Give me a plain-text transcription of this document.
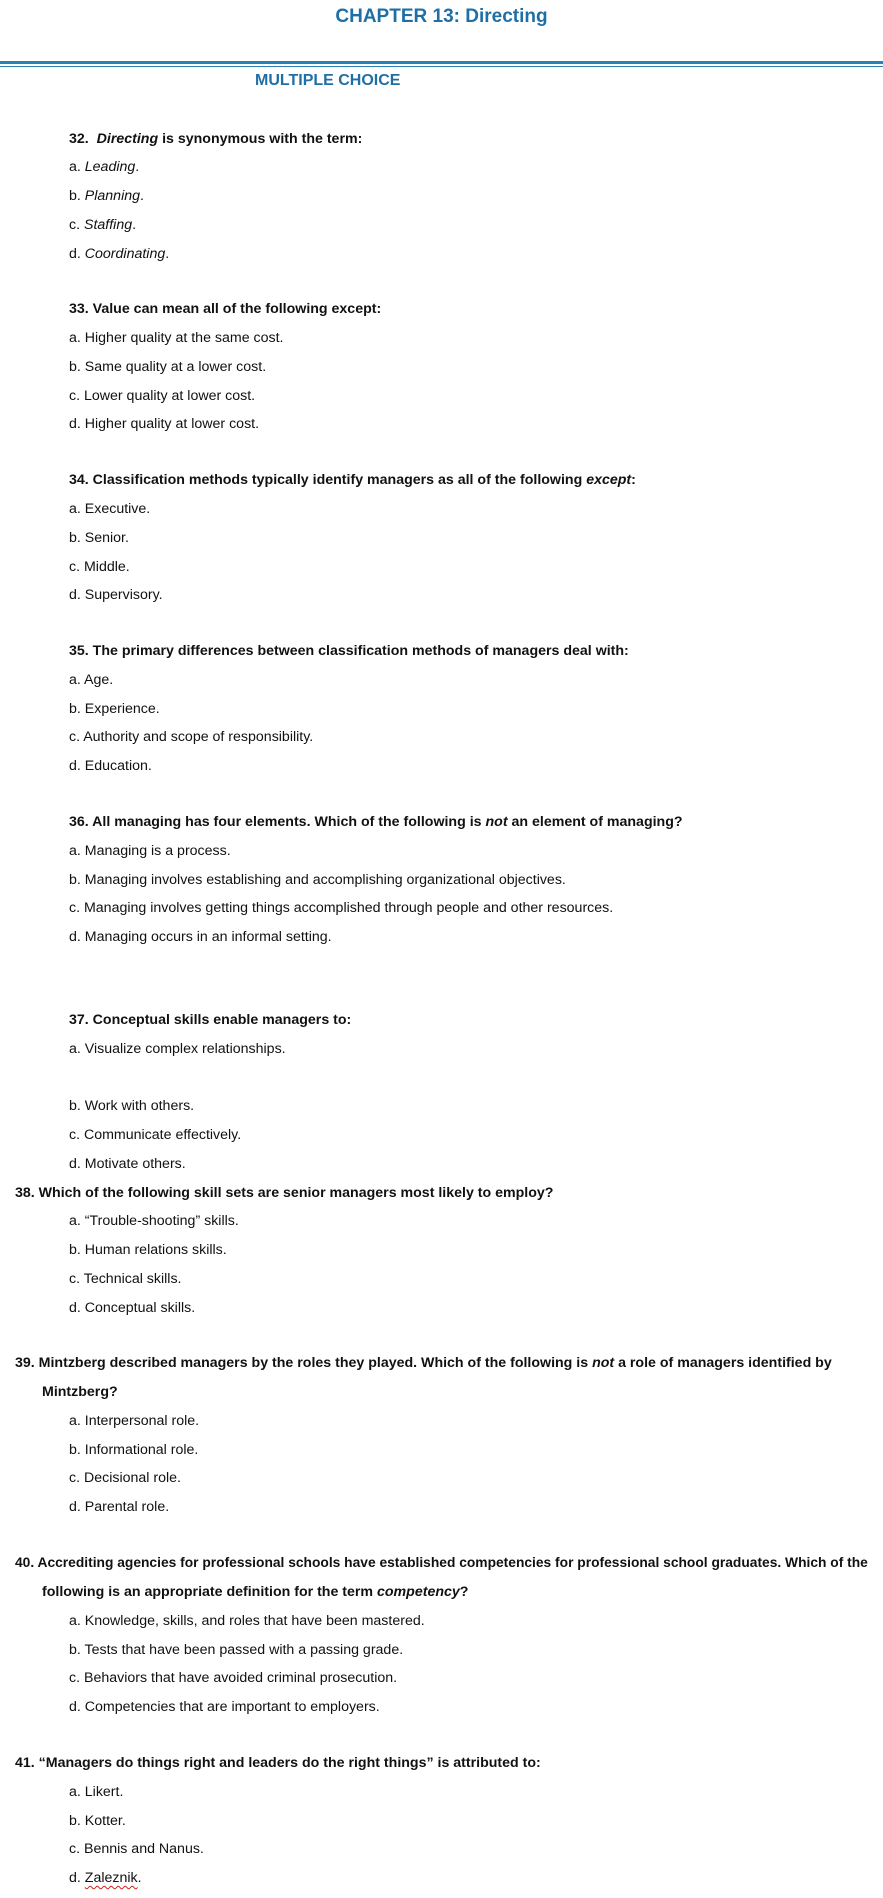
CHAPTER 13: Directing
MULTIPLE CHOICE
32. Directing is synonymous with the term:
a. Leading.
b. Planning.
c. Staffing.
d. Coordinating.
33. Value can mean all of the following except:
a. Higher quality at the same cost.
b. Same quality at a lower cost.
c. Lower quality at lower cost.
d. Higher quality at lower cost.
34. Classification methods typically identify managers as all of the following except:
a. Executive.
b. Senior.
c. Middle.
d. Supervisory.
35. The primary differences between classification methods of managers deal with:
a. Age.
b. Experience.
c. Authority and scope of responsibility.
d. Education.
36. All managing has four elements. Which of the following is not an element of managing?
a. Managing is a process.
b. Managing involves establishing and accomplishing organizational objectives.
c. Managing involves getting things accomplished through people and other resources.
d. Managing occurs in an informal setting.
37. Conceptual skills enable managers to:
a. Visualize complex relationships.
b. Work with others.
c. Communicate effectively.
d. Motivate others.
38. Which of the following skill sets are senior managers most likely to employ?
a. “Trouble-shooting” skills.
b. Human relations skills.
c. Technical skills.
d. Conceptual skills.
39. Mintzberg described managers by the roles they played. Which of the following is not a role of managers identified by
Mintzberg?
a. Interpersonal role.
b. Informational role.
c. Decisional role.
d. Parental role.
40. Accrediting agencies for professional schools have established competencies for professional school graduates. Which of the
following is an appropriate definition for the term competency?
a. Knowledge, skills, and roles that have been mastered.
b. Tests that have been passed with a passing grade.
c. Behaviors that have avoided criminal prosecution.
d. Competencies that are important to employers.
41. “Managers do things right and leaders do the right things” is attributed to:
a. Likert.
b. Kotter.
c. Bennis and Nanus.
d. Zaleznik.
